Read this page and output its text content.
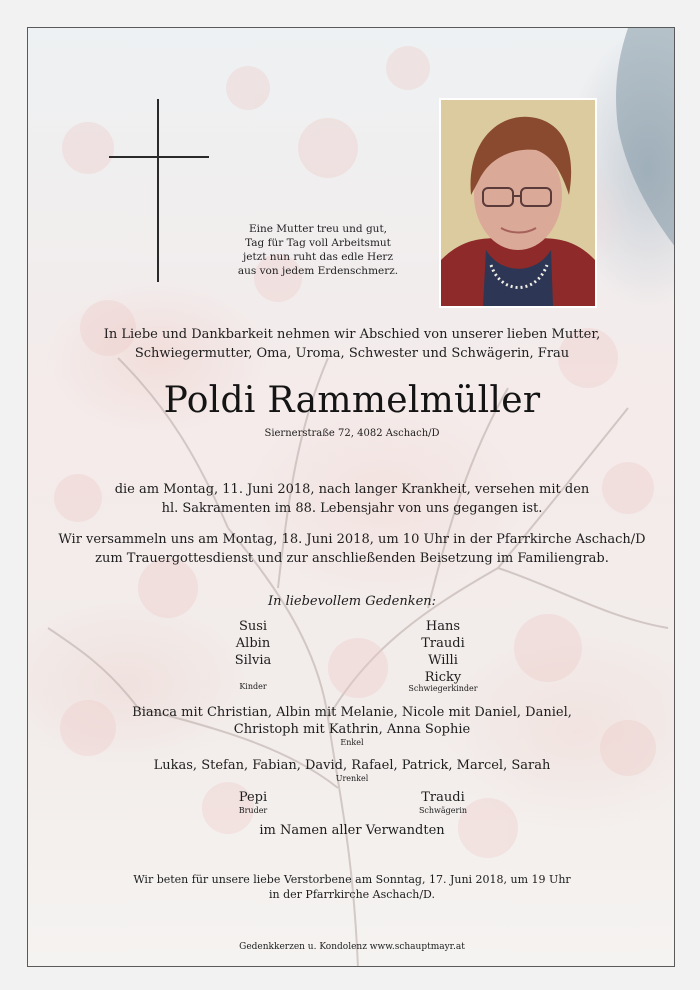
Eine Mutter treu und gut,
Tag für Tag voll Arbeitsmut
jetzt nun ruht das edle Herz
aus von jedem Erdenschmerz.
In Liebe und Dankbarkeit nehmen wir Abschied von unserer lieben Mutter,
Schwiegermutter, Oma, Uroma, Schwester und Schwägerin, Frau
Poldi Rammelmüller
Siernerstraße 72, 4082 Aschach/D
die am Montag, 11. Juni 2018, nach langer Krankheit, versehen mit den
hl. Sakramenten im 88. Lebensjahr von uns gegangen ist.
Wir versammeln uns am Montag, 18. Juni 2018, um 10 Uhr in der Pfarrkirche Aschach/D
zum Trauergottesdienst und zur anschließenden Beisetzung im Familiengrab.
In liebevollem Gedenken:
Susi
Albin
Silvia
Kinder
Hans
Traudi
Willi
Ricky
Schwiegerkinder
Bianca mit Christian, Albin mit Melanie, Nicole mit Daniel, Daniel,
Christoph mit Kathrin, Anna Sophie
Enkel
Lukas, Stefan, Fabian, David, Rafael, Patrick, Marcel, Sarah
Urenkel
Pepi
Bruder
Traudi
Schwägerin
im Namen aller Verwandten
Wir beten für unsere liebe Verstorbene am Sonntag, 17. Juni 2018, um 19 Uhr
in der Pfarrkirche Aschach/D.
Gedenkkerzen u. Kondolenz www.schauptmayr.at
